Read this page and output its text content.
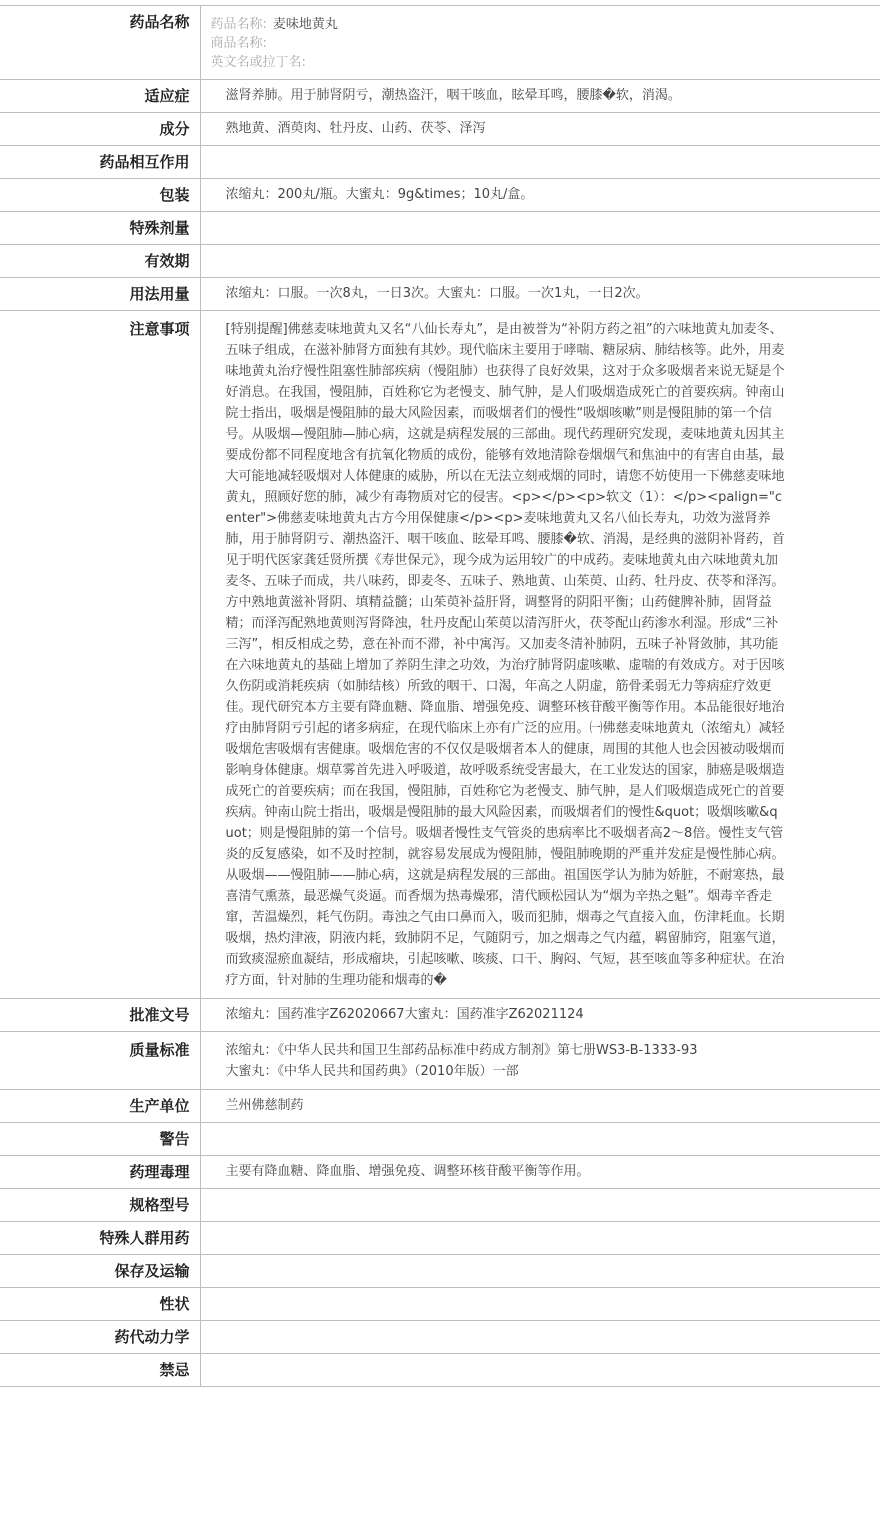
药品名称	药品名称: 麦味地黄丸
商品名称:
英文名或拉丁名:

适应症	滋肾养肺。用于肺肾阴亏，潮热盗汗，咽干咳血，眩晕耳鸣，腰膝�软，消渴。
成分	熟地黄、酒萸肉、牡丹皮、山药、茯苓、泽泻
药品相互作用	
包装	浓缩丸：200丸/瓶。大蜜丸：9g&times；10丸/盒。
特殊剂量	
有效期	
用法用量	浓缩丸：口服。一次8丸，一日3次。大蜜丸：口服。一次1丸，一日2次。
注意事项	[特别提醒]佛慈麦味地黄丸又名“八仙长寿丸”，是由被誉为“补阴方药之祖”的六味地黄丸加麦冬、五味子组成，在滋补肺肾方面独有其妙。现代临床主要用于哮喘、糖尿病、肺结核等。此外，用麦味地黄丸治疗慢性阻塞性肺部疾病（慢阻肺）也获得了良好效果，这对于众多吸烟者来说无疑是个好消息。在我国，慢阻肺，百姓称它为老慢支、肺气肿，是人们吸烟造成死亡的首要疾病。钟南山院士指出，吸烟是慢阻肺的最大风险因素，而吸烟者们的慢性“吸烟咳嗽”则是慢阻肺的第一个信号。从吸烟—慢阻肺—肺心病，这就是病程发展的三部曲。现代药理研究发现，麦味地黄丸因其主要成份都不同程度地含有抗氧化物质的成份，能够有效地清除卷烟烟气和焦油中的有害自由基，最大可能地减轻吸烟对人体健康的威胁，所以在无法立刻戒烟的同时，请您不妨使用一下佛慈麦味地黄丸，照顾好您的肺，减少有毒物质对它的侵害。<p></p><p>软文（1）：</p><palign="center">佛慈麦味地黄丸古方今用保健康</p><p>麦味地黄丸又名八仙长寿丸，功效为滋肾养肺，用于肺肾阴亏、潮热盗汗、咽干咳血、眩晕耳鸣、腰膝�软、消渴，是经典的滋阴补肾药，首见于明代医家龚廷贤所撰《寿世保元》，现今成为运用较广的中成药。麦味地黄丸由六味地黄丸加麦冬、五味子而成，共八味药，即麦冬、五味子、熟地黄、山茱萸、山药、牡丹皮、茯苓和泽泻。方中熟地黄滋补肾阴、填精益髓；山茱萸补益肝肾，调整肾的阴阳平衡；山药健脾补肺，固肾益精；而泽泻配熟地黄则泻肾降浊，牡丹皮配山茱萸以清泻肝火，茯苓配山药渗水利湿。形成“三补三泻”，相反相成之势，意在补而不滞，补中寓泻。又加麦冬清补肺阴，五味子补肾敛肺，其功能在六味地黄丸的基础上增加了养阴生津之功效，为治疗肺肾阴虚咳嗽、虚喘的有效成方。对于因咳久伤阴或消耗疾病（如肺结核）所致的咽干、口渴，年高之人阴虚，筋骨柔弱无力等病症疗效更佳。现代研究本方主要有降血糖、降血脂、增强免疫、调整环核苷酸平衡等作用。本品能很好地治疗由肺肾阴亏引起的诸多病症，在现代临床上亦有广泛的应用。㈠佛慈麦味地黄丸（浓缩丸）减轻吸烟危害吸烟有害健康。吸烟危害的不仅仅是吸烟者本人的健康，周围的其他人也会因被动吸烟而影响身体健康。烟草雾首先进入呼吸道，故呼吸系统受害最大，在工业发达的国家，肺癌是吸烟造成死亡的首要疾病；而在我国，慢阻肺，百姓称它为老慢支、肺气肿，是人们吸烟造成死亡的首要疾病。钟南山院士指出，吸烟是慢阻肺的最大风险因素，而吸烟者们的慢性&quot；吸烟咳嗽&quot；则是慢阻肺的第一个信号。吸烟者慢性支气管炎的患病率比不吸烟者高2～8倍。慢性支气管炎的反复感染，如不及时控制，就容易发展成为慢阻肺，慢阻肺晚期的严重并发症是慢性肺心病。从吸烟——慢阻肺——肺心病，这就是病程发展的三部曲。祖国医学认为肺为娇脏，不耐寒热，最喜清气熏蒸，最恶燥气炎逼。而香烟为热毒燥邪，清代顾松园认为“烟为辛热之魁”。烟毒辛香走窜，苦温燥烈，耗气伤阴。毒浊之气由口鼻而入，吸而犯肺，烟毒之气直接入血，伤津耗血。长期吸烟，热灼津液，阴液内耗，致肺阴不足，气随阴亏，加之烟毒之气内蕴，羁留肺窍，阻塞气道，而致痰湿瘀血凝结，形成瘤块，引起咳嗽、咳痰、口干、胸闷、气短，甚至咳血等多种症状。在治疗方面，针对肺的生理功能和烟毒的�

批准文号	浓缩丸：国药准字Z62020667大蜜丸：国药准字Z62021124
质量标准	浓缩丸：《中华人民共和国卫生部药品标准中药成方制剂》第七册WS3-B-1333-93
大蜜丸：《中华人民共和国药典》（2010年版）一部

生产单位	兰州佛慈制药
警告	
药理毒理	主要有降血糖、降血脂、增强免疫、调整环核苷酸平衡等作用。
规格型号	
特殊人群用药	
保存及运输	
性状	
药代动力学	
禁忌	
